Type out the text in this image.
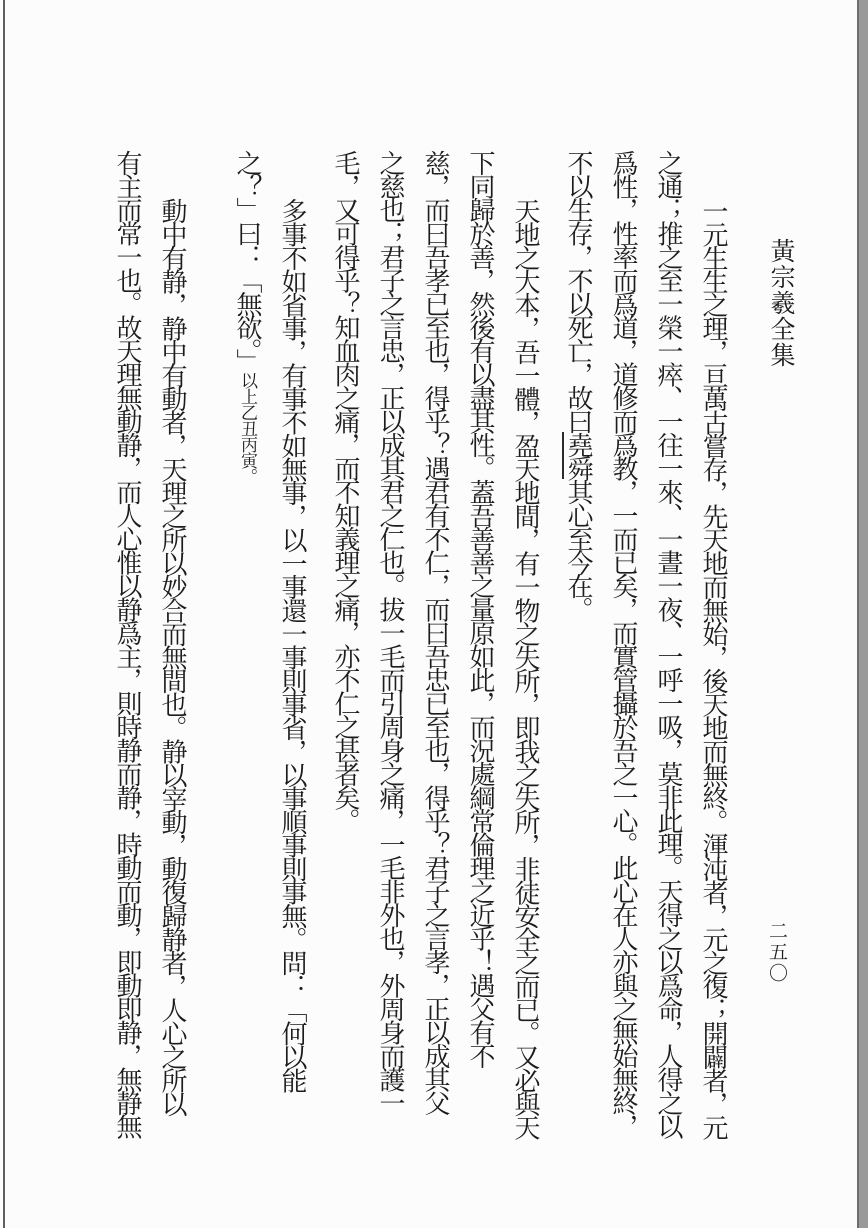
黃宗羲全集
二五〇
一元生生之理，亘萬古嘗存，先天地而無始，後天地而無終。渾沌者，元之復；開闢者，元
之通；推之至一榮一瘁、一往一來、一晝一夜、一呼一吸，莫非此理。天得之以爲命，人得之以
爲性，性率而爲道，道修而爲教，一而已矣，而實管攝於吾之一心。此心在人亦與之無始無終，
不以生存，不以死亡，故曰堯舜其心至今在。
天地之大本，吾一體，盈天地間，有一物之失所，即我之失所，非徒安全之而已。又必與天
下同歸於善，然後有以盡其性。蓋吾善善之量原如此，而況處綱常倫理之近乎！遇父有不
慈，而曰吾孝已至也，得乎？遇君有不仁，而曰吾忠已至也，得乎？君子之言孝，正以成其父
之慈也；君子之言忠，正以成其君之仁也。拔一毛而引周身之痛，一毛非外也，外周身而護一
毛，又可得乎？知血肉之痛，而不知義理之痛，亦不仁之甚者矣。
多事不如省事，有事不如無事，以一事還一事則事省，以事順事則事無。問：「何以能
之？」曰：「無欲。」以上乙丑丙寅。
動中有静，静中有動者，天理之所以妙合而無間也。静以宰動，動復歸静者，人心之所以
有主而常一也。故天理無動静，而人心惟以静爲主，則時静而静，時動而動，即動即静，無静無
